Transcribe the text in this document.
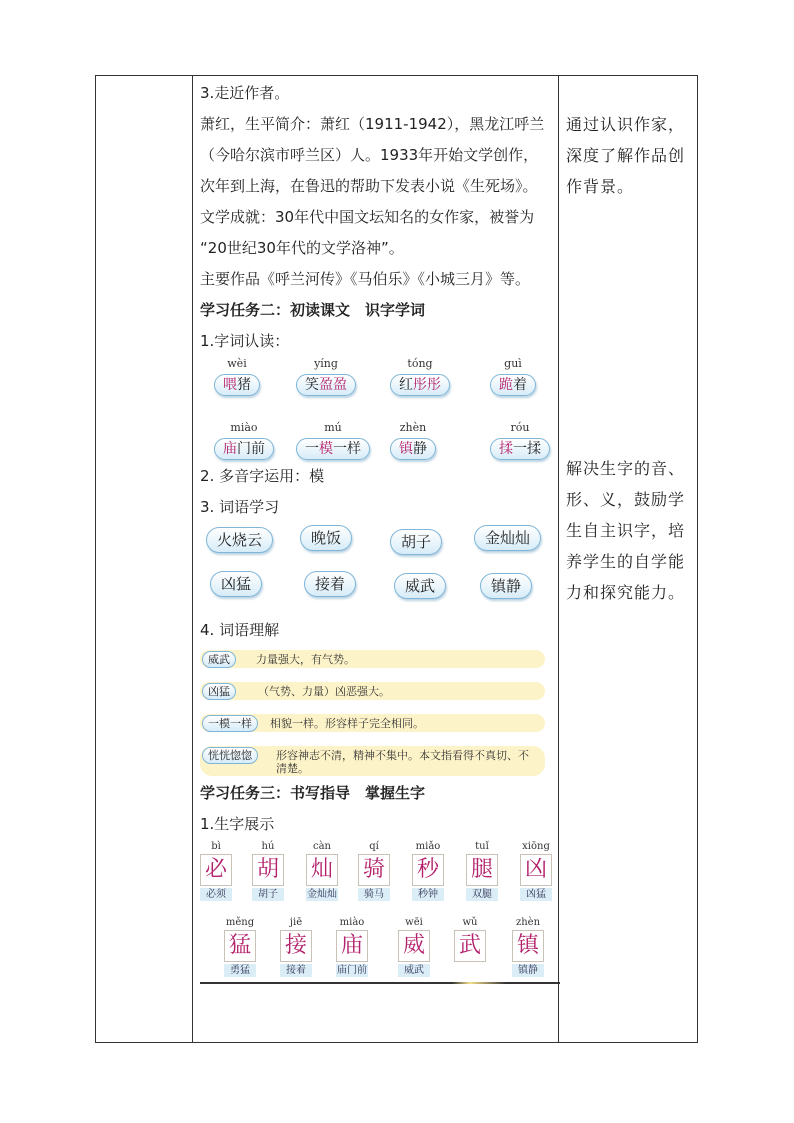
3.走近作者。
萧红，生平简介：萧红（1911-1942），黑龙江呼兰
（今哈尔滨市呼兰区）人。1933年开始文学创作，
次年到上海，在鲁迅的帮助下发表小说《生死场》。
文学成就：30年代中国文坛知名的女作家，被誉为
“20世纪30年代的文学洛神”。
主要作品《呼兰河传》《马伯乐》《小城三月》等。
学习任务二：初读课文　识字学词
1.字词认读：
wèi
喂猪
yíng
笑盈盈
tóng
红彤彤
guì
跪着
miào
庙门前
mú
一模一样
zhèn
镇静
róu
揉一揉
2. 多音字运用：模
3. 词语学习
火烧云	晚饭	胡子	金灿灿
凶猛	接着	威武	镇静
4. 词语理解
威武	力量强大，有气势。
凶猛	（气势、力量）凶恶强大。
一模一样	相貌一样。形容样子完全相同。
恍恍惚惚	形容神志不清，精神不集中。本文指看得不真切、不清楚。
学习任务三：书写指导　掌握生字
1.生字展示
bì
必
必须
hú
胡
胡子
càn
灿
金灿灿
qí
骑
骑马
miǎo
秒
秒钟
tuǐ
腿
双腿
xiōng
凶
凶猛
měng
猛
勇猛
jiē
接
接着
miào
庙
庙门前
wēi
威
威武
wǔ
武
zhèn
镇
镇静
通过认识作家，深度了解作品创作背景。
解决生字的音、形、义，鼓励学生自主识字，培养学生的自学能力和探究能力。
